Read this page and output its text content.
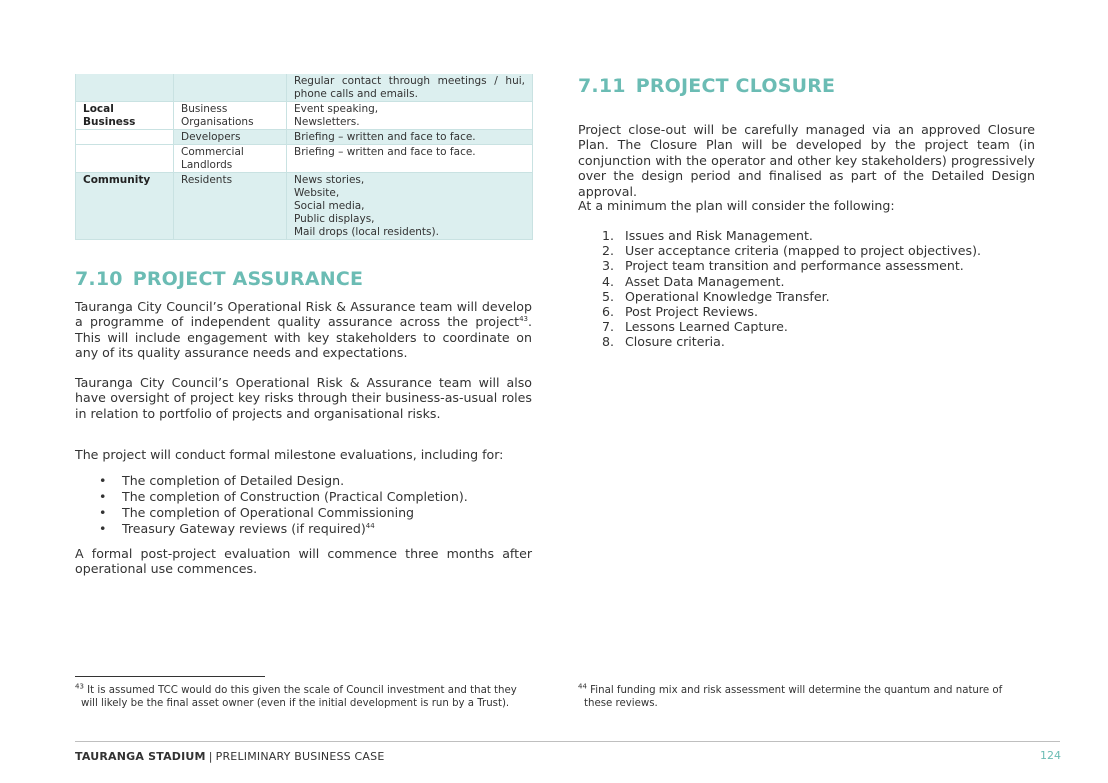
		Regular contact through meetings / hui, phone calls and emails.
Local Business	Business Organisations	Event speaking,
Newsletters.
	Developers	Briefing – written and face to face.
	Commercial Landlords	Briefing – written and face to face.
Community	Residents	News stories,
Website,
Social media,
Public displays,
Mail drops (local residents).
7.10 PROJECT ASSURANCE

Tauranga City Council’s Operational Risk & Assurance team will develop a programme of independent quality assurance across the project$^{43}$. This will include engagement with key stakeholders to coordinate on any of its quality assurance needs and expectations.

Tauranga City Council’s Operational Risk & Assurance team will also have oversight of project key risks through their business-as-usual roles in relation to portfolio of projects and organisational risks.

The project will conduct formal milestone evaluations, including for:

• The completion of Detailed Design.
• The completion of Construction (Practical Completion).
• The completion of Operational Commissioning
• Treasury Gateway reviews (if required)$^{44}$

A formal post-project evaluation will commence three months after operational use commences.

7.11 PROJECT CLOSURE

Project close-out will be carefully managed via an approved Closure Plan. The Closure Plan will be developed by the project team (in conjunction with the operator and other key stakeholders) progressively over the design period and finalised as part of the Detailed Design approval.

At a minimum the plan will consider the following:

1. Issues and Risk Management.
2. User acceptance criteria (mapped to project objectives).
3. Project team transition and performance assessment.
4. Asset Data Management.
5. Operational Knowledge Transfer.
6. Post Project Reviews.
7. Lessons Learned Capture.
8. Closure criteria.
$^{43}$ It is assumed TCC would do this given the scale of Council investment and that they
will likely be the final asset owner (even if the initial development is run by a Trust).
$^{44}$ Final funding mix and risk assessment will determine the quantum and nature of
these reviews.
TAURANGA STADIUM | PRELIMINARY BUSINESS CASE	124
